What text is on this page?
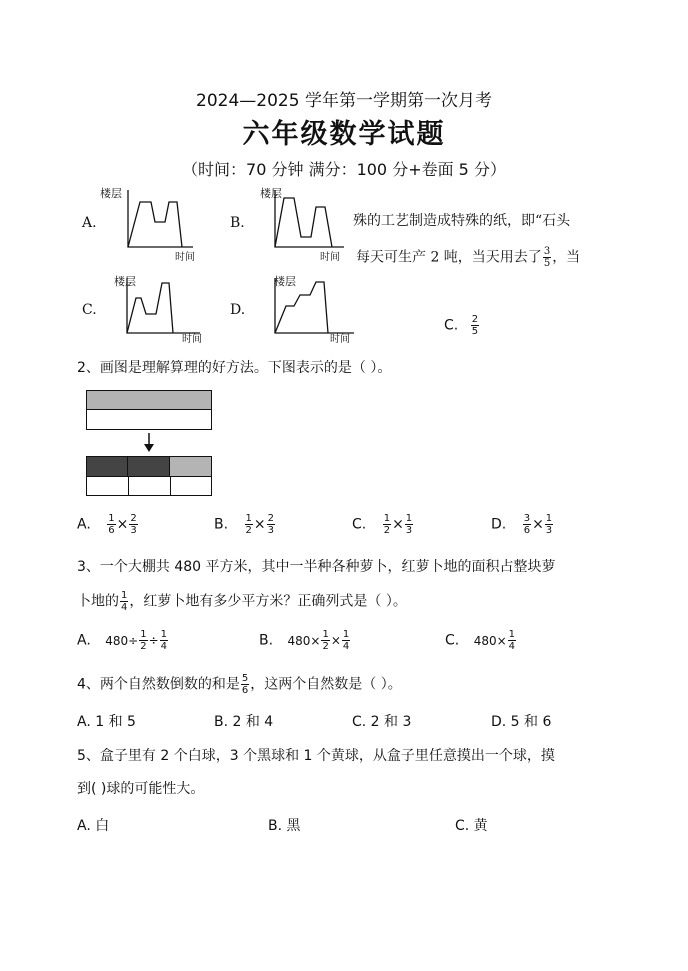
2024—2025 学年第一学期第一次月考
六年级数学试题
（时间：70 分钟 满分：100 分+卷面 5 分）
A.
楼层
时间
B.
楼层
时间
C.
楼层
时间
D.
楼层
时间
殊的工艺制造成特殊的纸，即“石头
每天可生产 2 吨，当天用去了 $\frac{3}{5}$ ，当
C. $\frac{2}{5}$
2、画图是理解算理的好方法。下图表示的是（ ）。
A. $\frac{1}{6} \times \frac{2}{3}$	B. $\frac{1}{2} \times \frac{2}{3}$	C. $\frac{1}{2} \times \frac{1}{3}$	D. $\frac{3}{6} \times \frac{1}{3}$
3、一个大棚共 480 平方米，其中一半种各种萝卜，红萝卜地的面积占整块萝
卜地的 $\frac{1}{4}$ ，红萝卜地有多少平方米？正确列式是（ ）。
A. $480\div \frac{1}{2} \div \frac{1}{4}$	B. $480\times \frac{1}{2} \times \frac{1}{4}$	C. $480\times \frac{1}{4}$
4、两个自然数倒数的和是 $\frac{5}{6}$ ，这两个自然数是（ ）。
A. 1 和 5	B. 2 和 4	C. 2 和 3	D. 5 和 6
5、盒子里有 2 个白球，3 个黑球和 1 个黄球，从盒子里任意摸出一个球，摸
到( )球的可能性大。
A. 白	B. 黑	C. 黄
